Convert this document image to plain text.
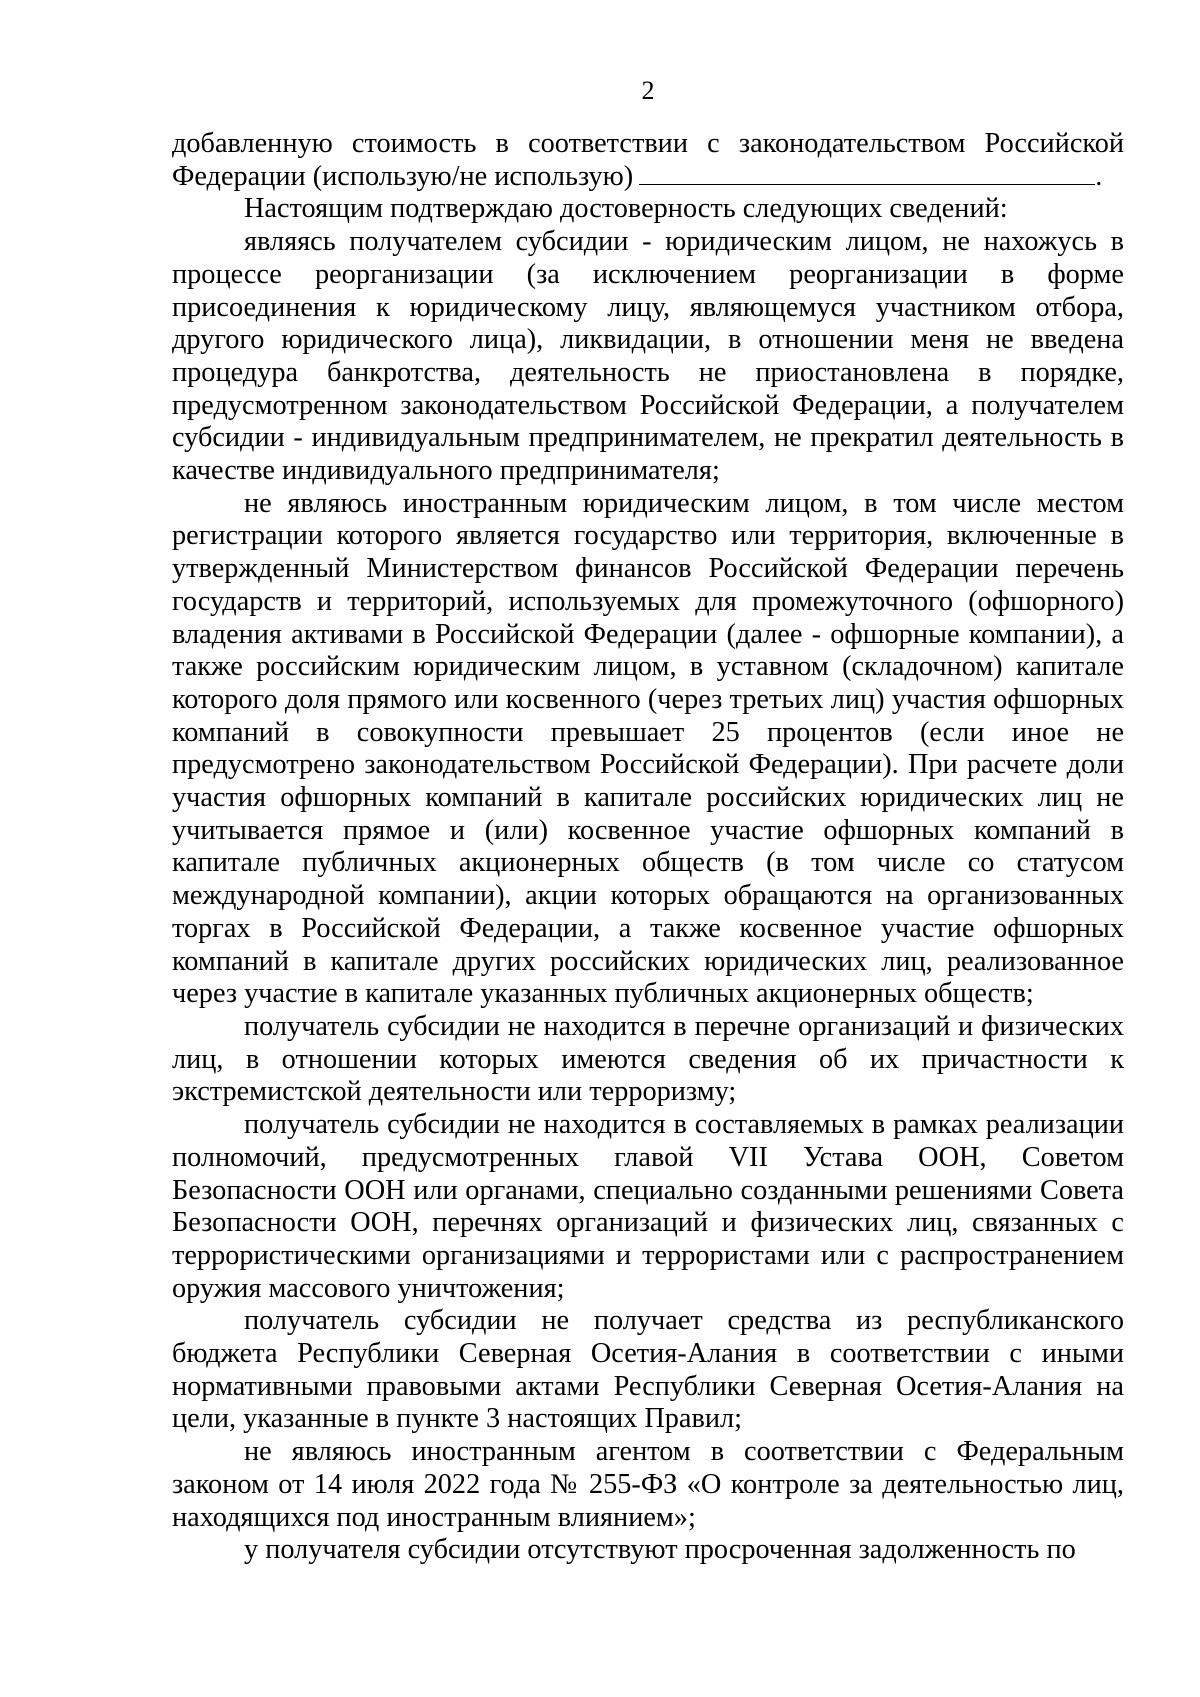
2

добавленную стоимость в соответствии с законодательством Российской Федерации (использую/не использую)	.

Настоящим подтверждаю достоверность следующих сведений:

являясь получателем субсидии - юридическим лицом, не нахожусь в процессе реорганизации (за исключением реорганизации в форме присоединения к юридическому лицу, являющемуся участником отбора, другого юридического лица), ликвидации, в отношении меня не введена процедура банкротства, деятельность не приостановлена в порядке, предусмотренном законодательством Российской Федерации, а получателем субсидии - индивидуальным предпринимателем, не прекратил деятельность в качестве индивидуального предпринимателя;

не являюсь иностранным юридическим лицом, в том числе местом регистрации которого является государство или территория, включенные в утвержденный Министерством финансов Российской Федерации перечень государств и территорий, используемых для промежуточного (офшорного) владения активами в Российской Федерации (далее - офшорные компании), а также российским юридическим лицом, в уставном (складочном) капитале которого доля прямого или косвенного (через третьих лиц) участия офшорных компаний в совокупности превышает 25 процентов (если иное не предусмотрено законодательством Российской Федерации). При расчете доли участия офшорных компаний в капитале российских юридических лиц не учитывается прямое и (или) косвенное участие офшорных компаний в капитале публичных акционерных обществ (в том числе со статусом международной компании), акции которых обращаются на организованных торгах в Российской Федерации, а также косвенное участие офшорных компаний в капитале других российских юридических лиц, реализованное через участие в капитале указанных публичных акционерных обществ;

получатель субсидии не находится в перечне организаций и физических лиц, в отношении которых имеются сведения об их причастности к экстремистской деятельности или терроризму;

получатель субсидии не находится в составляемых в рамках реализации полномочий, предусмотренных главой VII Устава ООН, Советом Безопасности ООН или органами, специально созданными решениями Совета Безопасности ООН, перечнях организаций и физических лиц, связанных с террористическими организациями и террористами или с распространением оружия массового уничтожения;

получатель субсидии не получает средства из республиканского бюджета Республики Северная Осетия-Алания в соответствии с иными нормативными правовыми актами Республики Северная Осетия-Алания на цели, указанные в пункте 3 настоящих Правил;

не являюсь иностранным агентом в соответствии с Федеральным законом от 14 июля 2022 года № 255-ФЗ «О контроле за деятельностью лиц, находящихся под иностранным влиянием»;

у получателя субсидии отсутствуют просроченная задолженность по
